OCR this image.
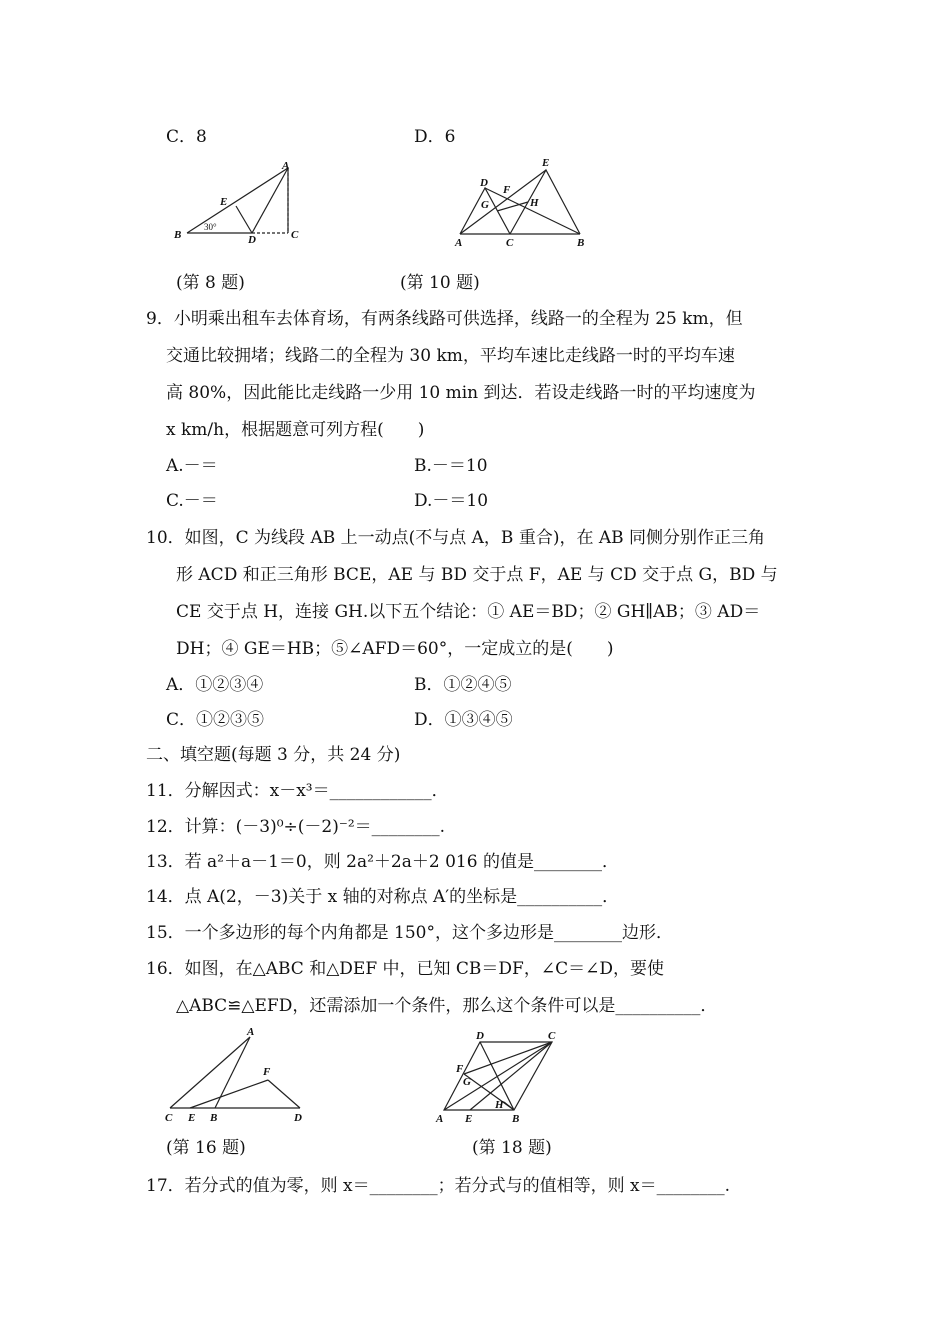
C．8	D．6
A
B	C
D
E
30°
E
D
F
G	H
A	C	B
(第 8 题)	(第 10 题)
9．小明乘出租车去体育场，有两条线路可供选择，线路一的全程为 25 km，但
交通比较拥堵；线路二的全程为 30 km，平均车速比走线路一时的平均车速
高 80%，因此能比走线路一少用 10 min 到达．若设走线路一时的平均速度为
x km/h，根据题意可列方程(　　)
A.－＝	B.－＝10
C.－＝	D.－＝10
10．如图，C 为线段 AB 上一动点(不与点 A，B 重合)，在 AB 同侧分别作正三角
形 ACD 和正三角形 BCE，AE 与 BD 交于点 F，AE 与 CD 交于点 G，BD 与
CE 交于点 H，连接 GH.以下五个结论：① AE＝BD；② GH∥AB；③ AD＝
DH；④ GE＝HB；⑤∠AFD＝60°，一定成立的是(　　)
A．①②③④	B．①②④⑤
C．①②③⑤	D．①③④⑤
二、填空题(每题 3 分，共 24 分)
11．分解因式：x－x³＝____________．
12．计算：(－3)⁰÷(－2)⁻²＝________.
13．若 a²＋a－1＝0，则 2a²＋2a＋2 016 的值是________．
14．点 A(2，－3)关于 x 轴的对称点 A′的坐标是__________．
15．一个多边形的每个内角都是 150°，这个多边形是________边形．
16．如图，在△ABC 和△DEF 中，已知 CB＝DF，∠C＝∠D，要使
△ABC≌△EFD，还需添加一个条件，那么这个条件可以是__________．
A
F
C E B	D
D	C
F
G
H
A E	B
(第 16 题)	(第 18 题)
17．若分式的值为零，则 x＝________；若分式与的值相等，则 x＝________.
